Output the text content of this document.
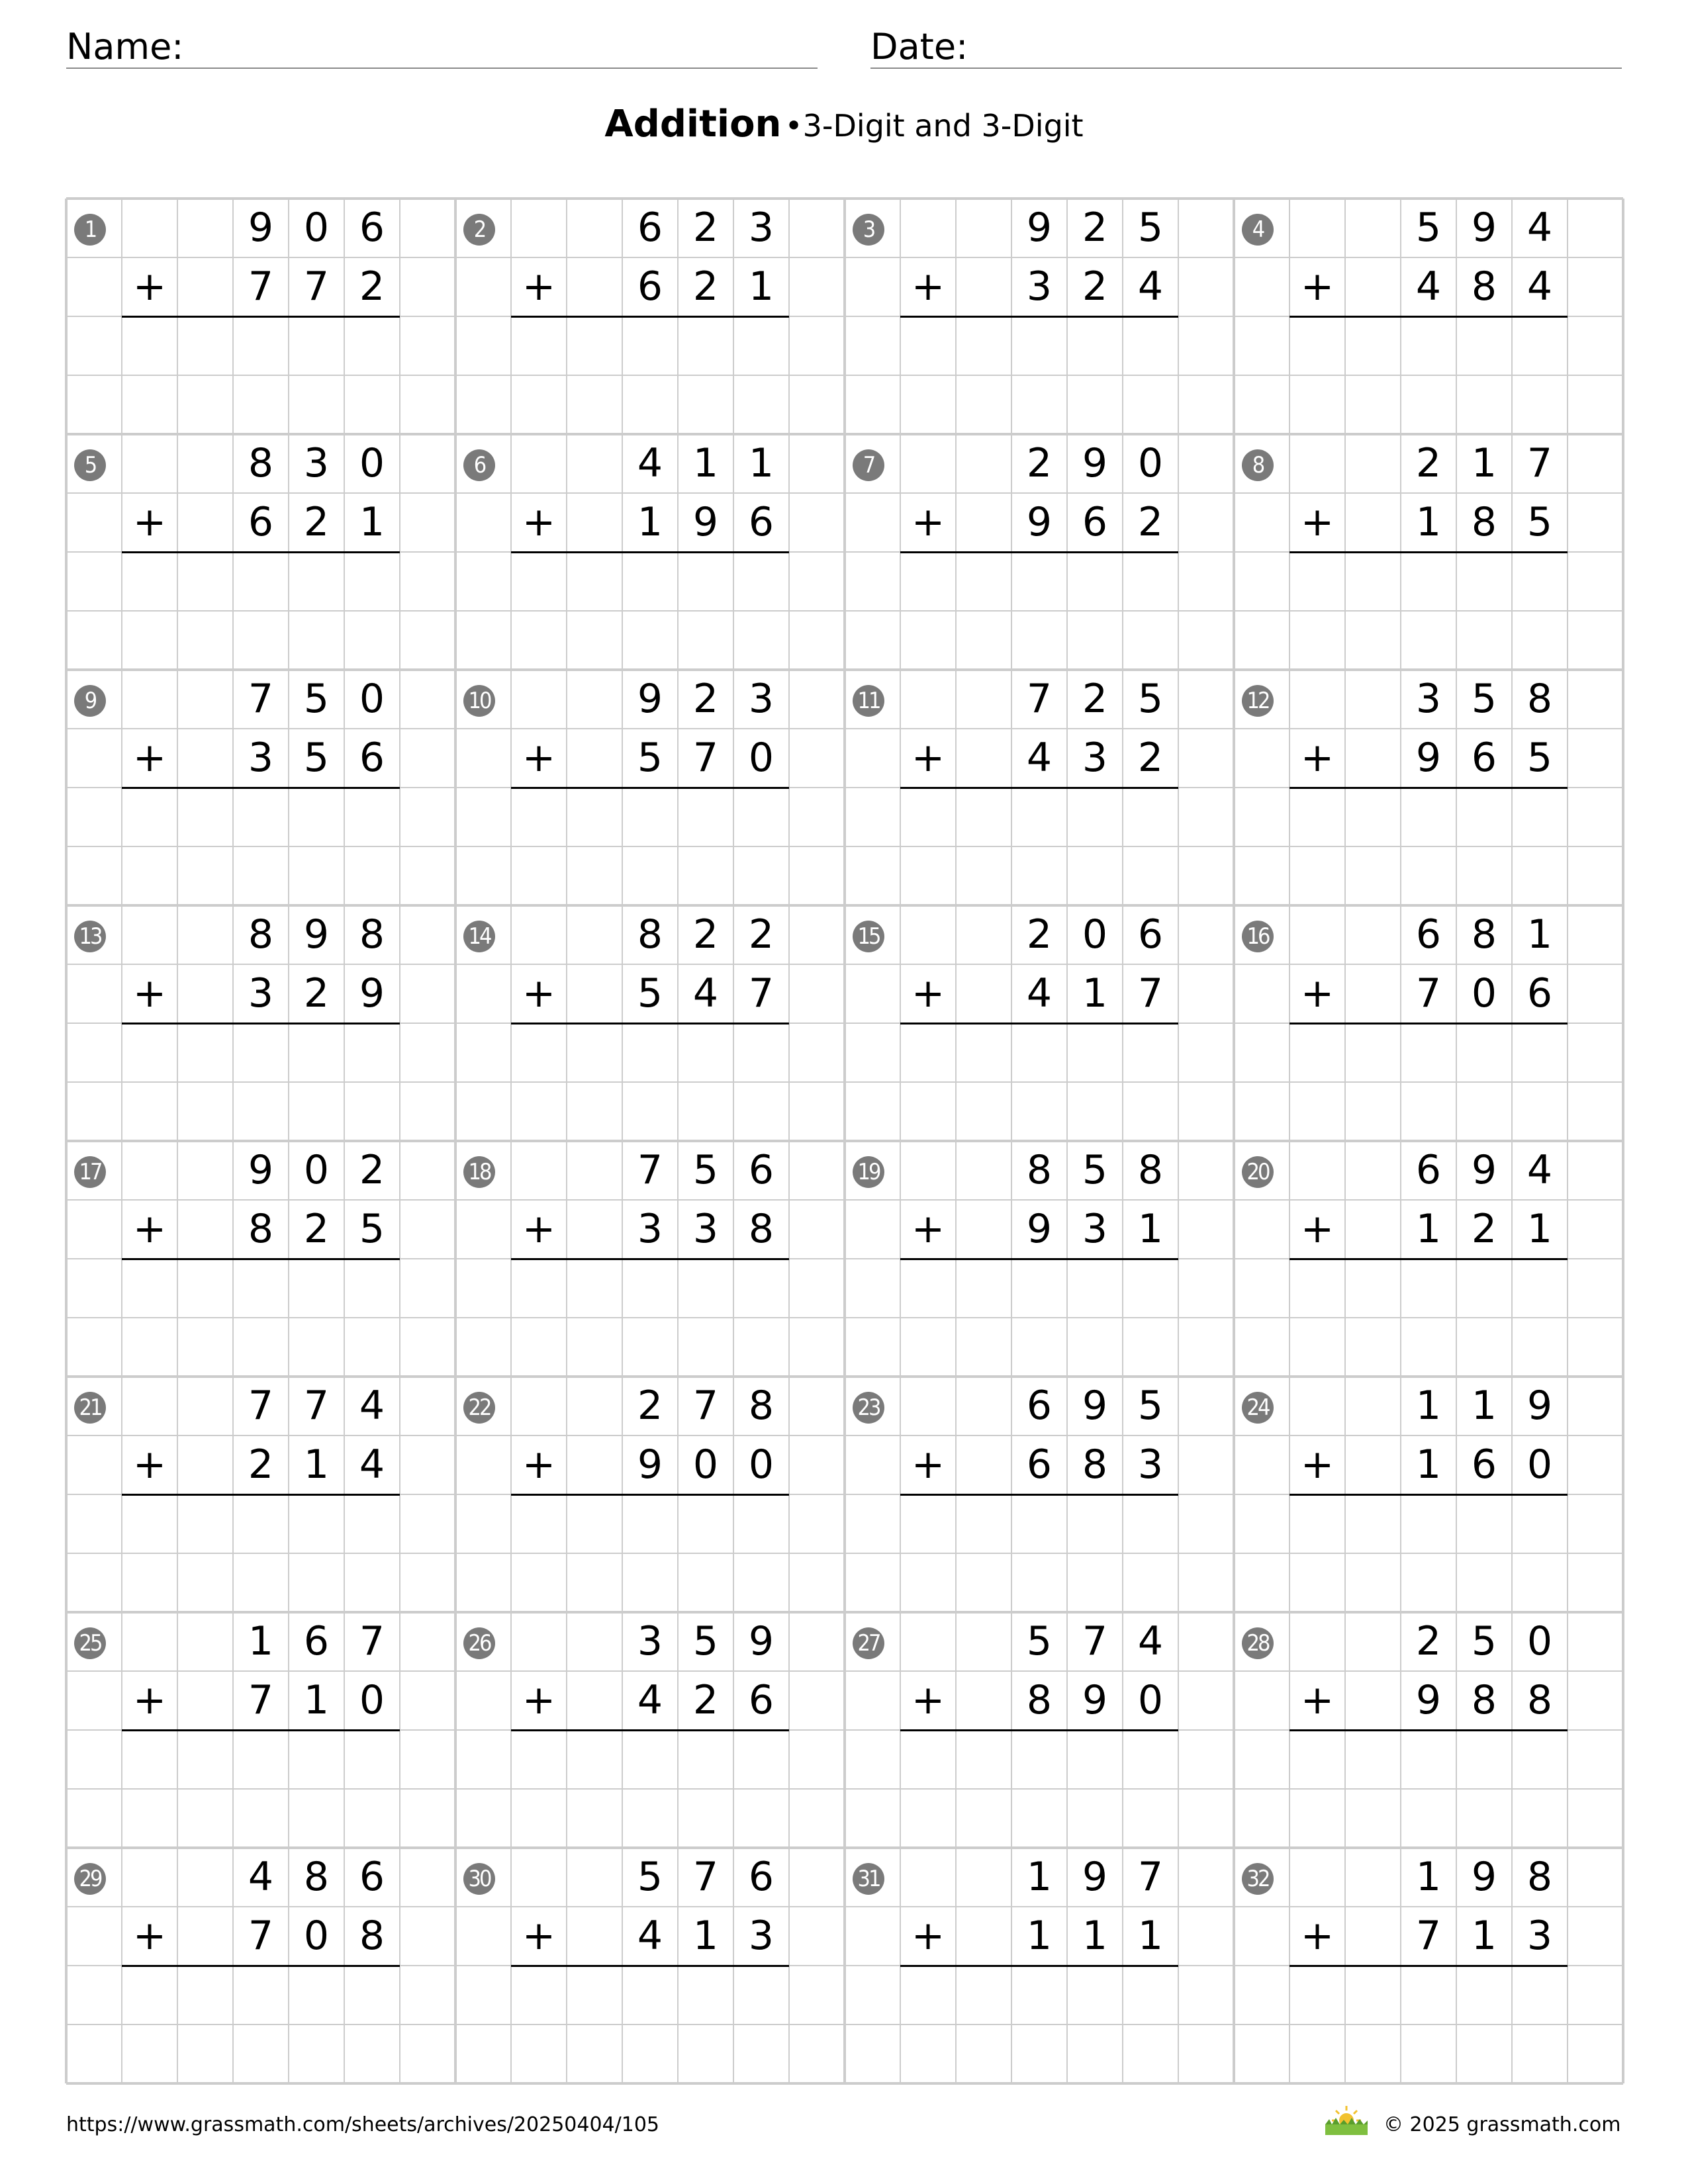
Name:	Date:
Addition •3-Digit and 3-Digit
1	9 0 6
7 7 2
+
2	6 2 3
6 2 1
+
3	9 2 5
3 2 4
+
4	5 9 4
4 8 4
+
5	8 3 0
6 2 1
+
6	4 1 1
1 9 6
+
7	2 9 0
9 6 2
+
8	2 1 7
1 8 5
+
9	7 5 0
3 5 6
+
10	9 2 3
5 7 0
+
11	7 2 5
4 3 2
+
12	3 5 8
9 6 5
+
13	8 9 8
3 2 9
+
14	8 2 2
5 4 7
+
15	2 0 6
4 1 7
+
16	6 8 1
7 0 6
+
17	9 0 2
8 2 5
+
18	7 5 6
3 3 8
+
19	8 5 8
9 3 1
+
20	6 9 4
1 2 1
+
21	7 7 4
2 1 4
+
22	2 7 8
9 0 0
+
23	6 9 5
6 8 3
+
24	1 1 9
1 6 0
+
25	1 6 7
7 1 0
+
26	3 5 9
4 2 6
+
27	5 7 4
8 9 0
+
28	2 5 0
9 8 8
+
29	4 8 6
7 0 8
+
30	5 7 6
4 1 3
+
31	1 9 7
1 1 1
+
32	1 9 8
7 1 3
+
https://www.grassmath.com/sheets/archives/20250404/105	© 2025 grassmath.com
